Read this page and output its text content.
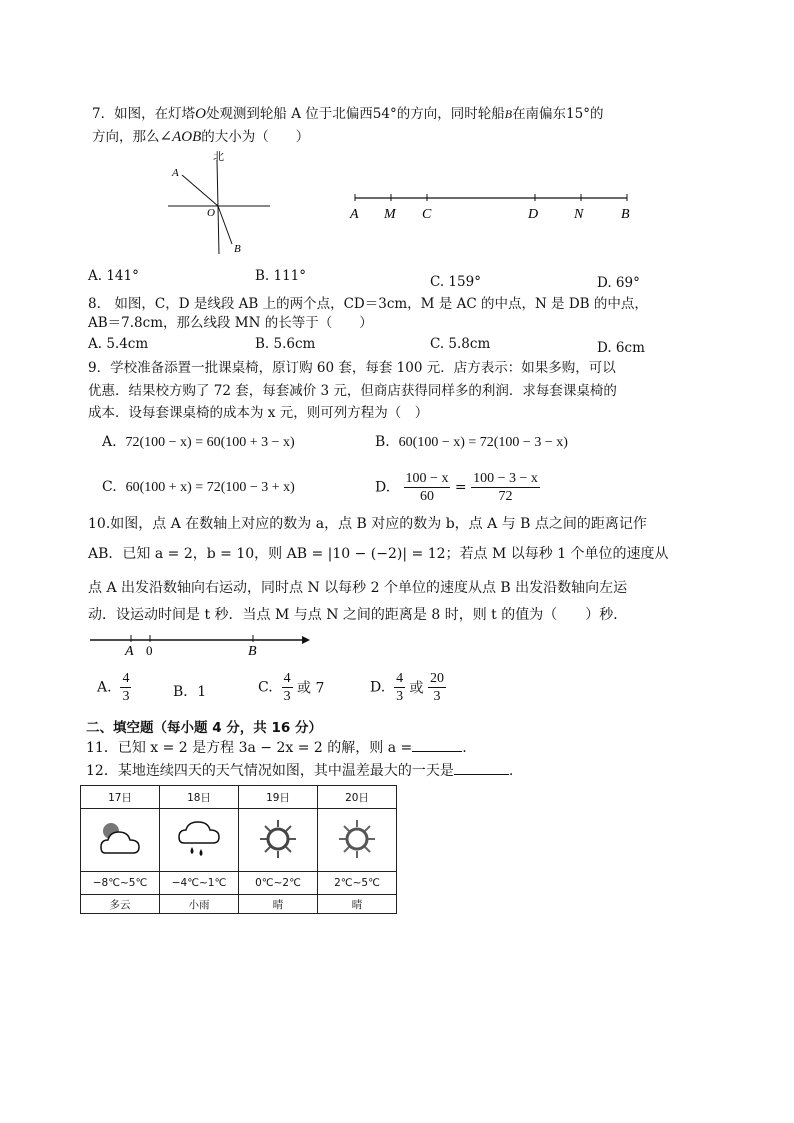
7．如图，在灯塔O处观测到轮船 A 位于北偏西54°的方向，同时轮船B在南偏东15°的
方向，那么∠AOB的大小为（　　）
北
A
O
B
A M C	D	N	B
A. 141°	B. 111°	C. 159°	D. 69°
8.　如图，C，D 是线段 AB 上的两个点，CD＝3cm，M 是 AC 的中点，N 是 DB 的中点，
AB＝7.8cm，那么线段 MN 的长等于（　　）
A. 5.4cm	B. 5.6cm	C. 5.8cm	D. 6cm
9．学校准备添置一批课桌椅，原订购 60 套，每套 100 元．店方表示：如果多购，可以
优惠．结果校方购了 72 套，每套减价 3 元，但商店获得同样多的利润．求每套课桌椅的
成本．设每套课桌椅的成本为 x 元，则可列方程为（　）
A. 72(100 − x) = 60(100 + 3 − x)	B. 60(100 − x) = 72(100 − 3 − x)
C. 60(100 + x) = 72(100 − 3 + x)	D. $\frac{100 - x}{60} = \frac{100 - 3 - x}{72}$
10.如图，点 A 在数轴上对应的数为 a，点 B 对应的数为 b，点 A 与 B 点之间的距离记作
AB．已知 a = 2，b = 10，则 AB = |10 − (−2)| = 12；若点 M 以每秒 1 个单位的速度从
点 A 出发沿数轴向右运动，同时点 N 以每秒 2 个单位的速度从点 B 出发沿数轴向左运
动．设运动时间是 t 秒．当点 M 与点 N 之间的距离是 8 时，则 t 的值为（　　）秒．
A 0	B
A. $\frac{4}{3}$	B．1	C. $\frac{4}{3}$ 或 7	D. $\frac{4}{3}$ 或 $\frac{20}{3}$
二、填空题（每小题 4 分，共 16 分）
11．已知 x = 2 是方程 3a − 2x = 2 的解，则 a =	.
12．某地连续四天的天气情况如图，其中温差最大的一天是	.
17日	18日	19日	20日

−8℃~5℃	−4℃~1℃	0℃~2℃	2℃~5℃
多云	小雨	晴	晴
